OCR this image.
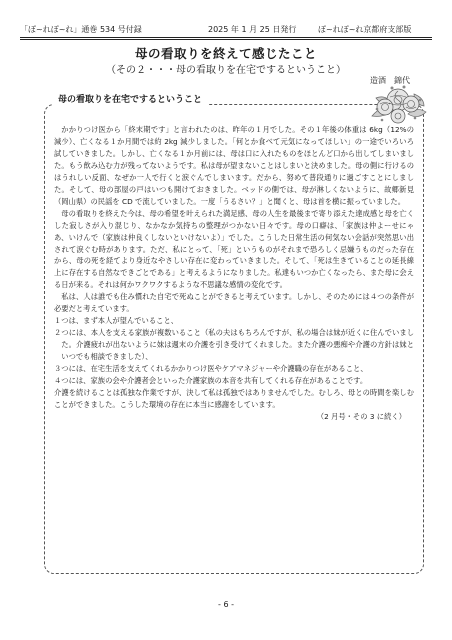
「ぽ~れぽ~れ」通巻 534 号付録	2025 年 1 月 25 日発行	ぽ~れぽ~れ京都府支部版
母の看取りを終えて感じたこと
（その２・・・母の看取りを在宅でするということ）
造酒　錦代
母の看取りを在宅でするということ

かかりつけ医から「終末期です」と言われたのは、昨年の１月でした。その１年後の体重は 6kg（12%の減少）、亡くなる１か月間では約 2kg 減少しました。「何とか食べて元気になってほしい」の一途でいろいろ試していきました。しかし、亡くなる１か月前には、母は口に入れたものをほとんど口から出してしまいました。もう飲み込む力が残ってないようです。私は母が望まないことはしまいと決めました。母の側に行けるのはうれしい反面、なぜか一人で行くと涙ぐんでしまいます。だから、努めて普段通りに過ごすことにしました。そして、母の部屋の戸はいつも開けておきました。ベッドの側では、母が淋しくないように、故郷新見（岡山県）の民謡を CD で流していました。一度「うるさい？」と聞くと、母は首を横に振っていました。

母の看取りを終えた今は、母の希望を叶えられた満足感、母の人生を最後まで寄り添えた達成感と母を亡くした寂しさが入り混じり、なかなか気持ちの整理がつかない日々です。母の口癖は、「家族は仲よーせにゃあ、いけんで（家族は仲良くしないといけないよ）」でした。こうした日常生活の何気ない会話が突然思い出されて涙ぐむ時があります。ただ、私にとって、「死」というものがそれまで恐ろしく忌嫌うものだった存在から、母の死を経てより身近なやさしい存在に変わっていきました。そして、「死は生きていることの延長線上に存在する自然なできごとである」と考えるようになりました。私達もいつか亡くなったら、また母に会える日が来る。それは何かワクワクするような不思議な感情の変化です。

私は、人は誰でも住み慣れた自宅で死ぬことができると考えています。しかし、そのためには４つの条件が必要だと考えています。

１つは、まず本人が望んでいること、

２つには、本人を支える家族が複数いること（私の夫はもちろんですが、私の場合は妹が近くに住んでいました。介護疲れが出ないように妹は週末の介護を引き受けてくれました。また介護の悪痴や介護の方針は妹といつでも相談できました）、

３つには、在宅生活を支えてくれるかかりつけ医やケアマネジャーや介護職の存在があること、

４つには、家族の会や介護者会といった介護家族の本音を共有してくれる存在があることです。

介護を続けることは孤独な作業ですが、決して私は孤独ではありませんでした。むしろ、母との時間を楽しむことができました。こうした環境の存在に本当に感謝をしています。

（2 月号・その 3 に続く）

- 6 -
